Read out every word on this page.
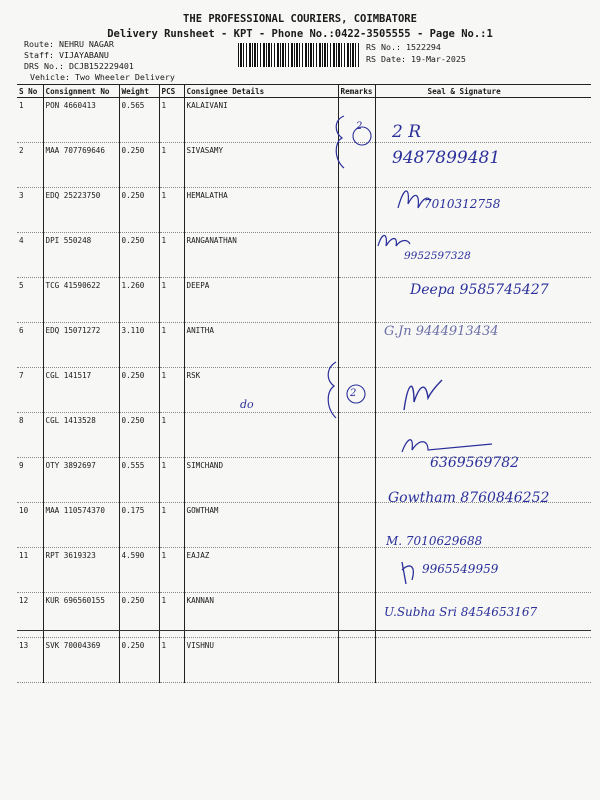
THE PROFESSIONAL COURIERS, COIMBATORE
Delivery Runsheet - KPT - Phone No.:0422-3505555 - Page No.:1
Route: NEHRU NAGAR
Staff: VIJAYABANU
DRS No.: DCJB152229401
Vehicle: Two Wheeler Delivery
RS No.: 1522294
RS Date: 19-Mar-2025
S No	Consignment No	Weight	PCS	Consignee Details	Remarks	Seal & Signature
1	PON 4660413	0.565	1	KALAIVANI		
2	MAA 707769646	0.250	1	SIVASAMY		
3	EDQ 25223750	0.250	1	HEMALATHA		
4	DPI 550248	0.250	1	RANGANATHAN		
5	TCG 41590622	1.260	1	DEEPA		
6	EDQ 15071272	3.110	1	ANITHA		
7	CGL 141517	0.250	1	RSK		
8	CGL 1413528	0.250	1			
9	OTY 3892697	0.555	1	SIMCHAND		
10	MAA 110574370	0.175	1	GOWTHAM		
11	RPT 3619323	4.590	1	EAJAZ		
12	KUR 696560155	0.250	1	KANNAN		
13	SVK 70004369	0.250	1	VISHNU		
2
2
2 R
9487899481
7010312758
9952597328
Deepa 9585745427
G.Jn 9444913434
do
6369569782
Gowtham 8760846252
M. 7010629688
9965549959
U.Subha Sri 8454653167
